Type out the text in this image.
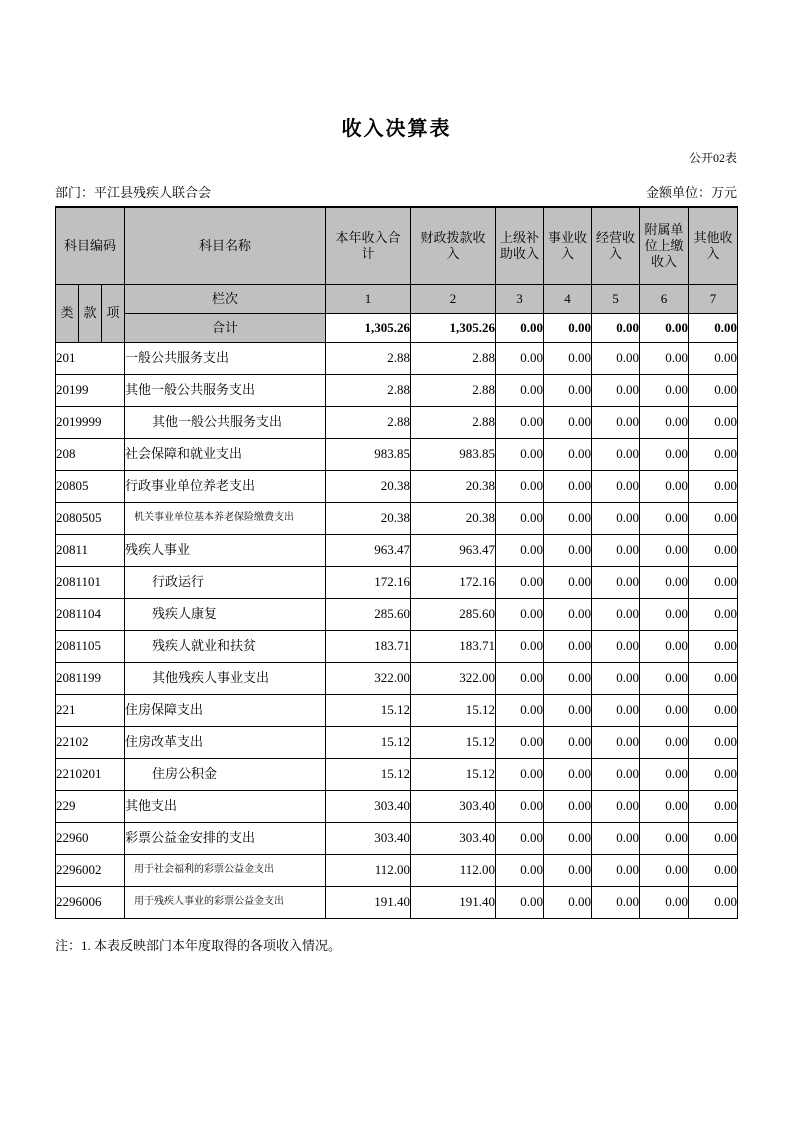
收入决算表
公开02表
部门：平江县残疾人联合会	金额单位：万元
科目编码			科目名称	本年收入合计	财政拨款收入	上级补助收入	事业收入	经营收入	附属单位上缴收入	其他收入
类	款	项	栏次	1	2	3	4	5	6	7
			合计	1,305.26	1,305.26	0.00	0.00	0.00	0.00	0.00
201			一般公共服务支出	2.88	2.88	0.00	0.00	0.00	0.00	0.00
20199			其他一般公共服务支出	2.88	2.88	0.00	0.00	0.00	0.00	0.00
2019999			其他一般公共服务支出	2.88	2.88	0.00	0.00	0.00	0.00	0.00
208			社会保障和就业支出	983.85	983.85	0.00	0.00	0.00	0.00	0.00
20805			行政事业单位养老支出	20.38	20.38	0.00	0.00	0.00	0.00	0.00
2080505			机关事业单位基本养老保险缴费支出	20.38	20.38	0.00	0.00	0.00	0.00	0.00
20811			残疾人事业	963.47	963.47	0.00	0.00	0.00	0.00	0.00
2081101			行政运行	172.16	172.16	0.00	0.00	0.00	0.00	0.00
2081104			残疾人康复	285.60	285.60	0.00	0.00	0.00	0.00	0.00
2081105			残疾人就业和扶贫	183.71	183.71	0.00	0.00	0.00	0.00	0.00
2081199			其他残疾人事业支出	322.00	322.00	0.00	0.00	0.00	0.00	0.00
221			住房保障支出	15.12	15.12	0.00	0.00	0.00	0.00	0.00
22102			住房改革支出	15.12	15.12	0.00	0.00	0.00	0.00	0.00
2210201			住房公积金	15.12	15.12	0.00	0.00	0.00	0.00	0.00
229			其他支出	303.40	303.40	0.00	0.00	0.00	0.00	0.00
22960			彩票公益金安排的支出	303.40	303.40	0.00	0.00	0.00	0.00	0.00
2296002			用于社会福利的彩票公益金支出	112.00	112.00	0.00	0.00	0.00	0.00	0.00
2296006			用于残疾人事业的彩票公益金支出	191.40	191.40	0.00	0.00	0.00	0.00	0.00

注：1. 本表反映部门本年度取得的各项收入情况。
